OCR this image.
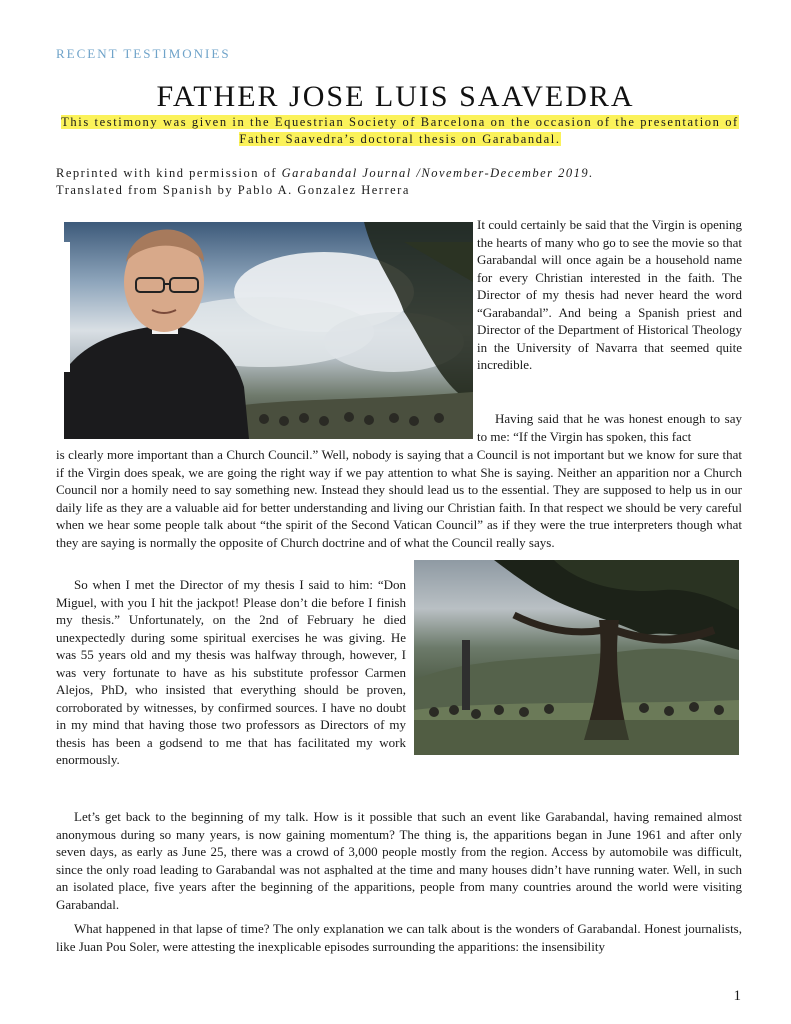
RECENT TESTIMONIES
FATHER JOSE LUIS SAAVEDRA
This testimony was given in the Equestrian Society of Barcelona on the occasion of the presentation of Father Saavedra’s doctoral thesis on Garabandal.
Reprinted with kind permission of Garabandal Journal /November-December 2019.
Translated from Spanish by Pablo A. Gonzalez Herrera

It could certainly be said that the Virgin is opening the hearts of many who go to see the movie so that Garabandal will once again be a household name for every Christian interested in the faith. The Director of my thesis had never heard the word “Garabandal”. And being a Spanish priest and Director of the Department of Historical Theology in the University of Navarra that seemed quite incredible.

Having said that he was honest enough to say to me: “If the Virgin has spoken, this fact

is clearly more important than a Church Council.” Well, nobody is saying that a Council is not important but we know for sure that if the Virgin does speak, we are going the right way if we pay attention to what She is saying. Neither an apparition nor a Church Council nor a homily need to say something new. Instead they should lead us to the essential. They are supposed to help us in our daily life as they are a valuable aid for better understanding and living our Christian faith. In that respect we should be very careful when we hear some people talk about “the spirit of the Second Vatican Council” as if they were the true interpreters though what they are saying is normally the opposite of Church doctrine and of what the Council really says.

So when I met the Director of my thesis I said to him: “Don Miguel, with you I hit the jackpot! Please don’t die before I finish my thesis.” Unfortunately, on the 2nd of February he died unexpectedly during some spiritual exercises he was giving. He was 55 years old and my thesis was halfway through, however, I was very fortunate to have as his substitute professor Carmen Alejos, PhD, who insisted that everything should be proven, corroborated by witnesses, by confirmed sources. I have no doubt in my mind that having those two professors as Directors of my thesis has been a godsend to me that has facilitated my work enormously.

Let’s get back to the beginning of my talk. How is it possible that such an event like Garabandal, having remained almost anonymous during so many years, is now gaining momentum? The thing is, the apparitions began in June 1961 and after only seven days, as early as June 25, there was a crowd of 3,000 people mostly from the region. Access by automobile was difficult, since the only road leading to Garabandal was not asphalted at the time and many houses didn’t have running water. Well, in such an isolated place, five years after the beginning of the apparitions, people from many countries around the world were visiting Garabandal.

What happened in that lapse of time? The only explanation we can talk about is the wonders of Garabandal. Honest journalists, like Juan Pou Soler, were attesting the inexplicable episodes surrounding the apparitions: the insensibility

1
